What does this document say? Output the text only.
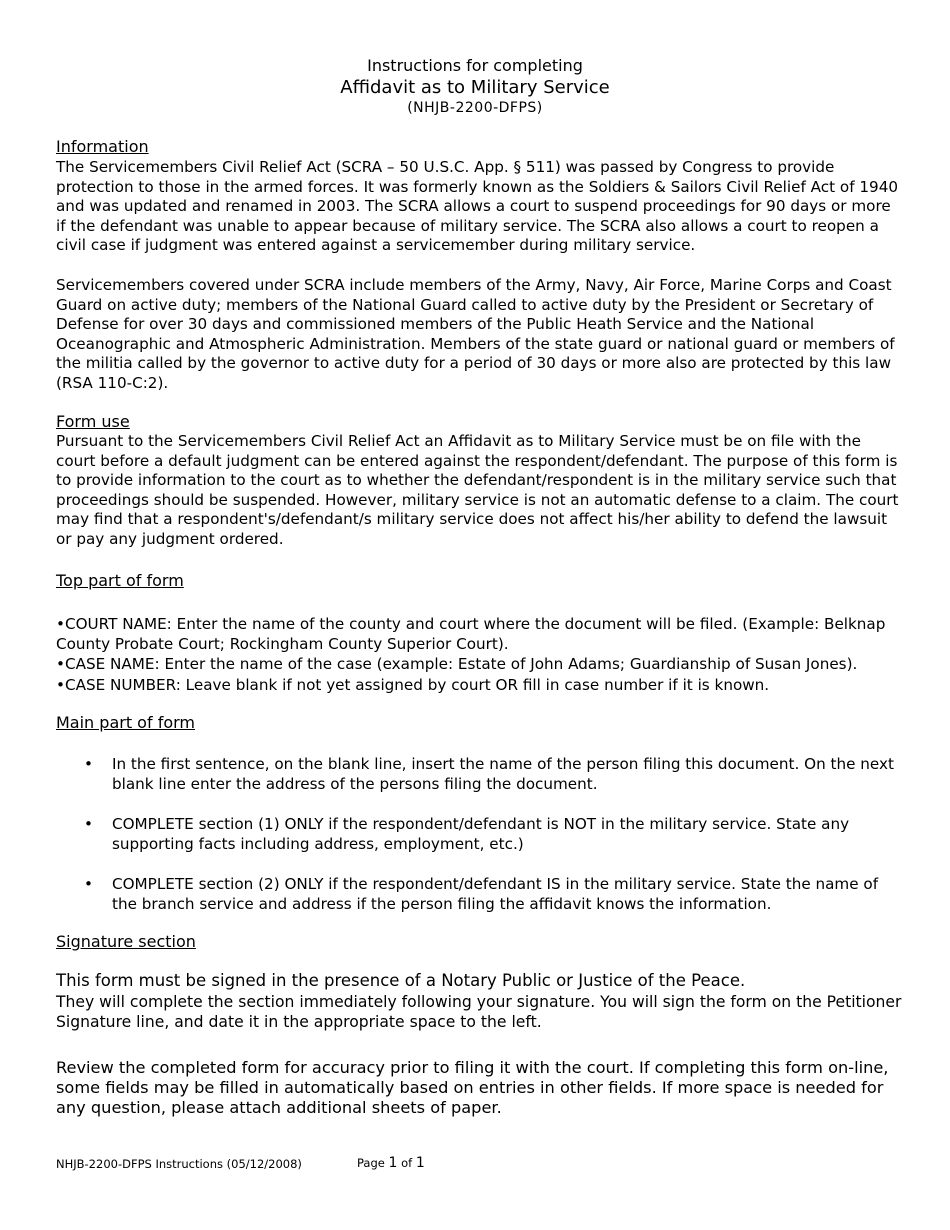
Instructions for completing
Affidavit as to Military Service
(NHJB-2200-DFPS)
Information

The Servicemembers Civil Relief Act (SCRA – 50 U.S.C. App. § 511) was passed by Congress to provide protection to those in the armed forces. It was formerly known as the Soldiers & Sailors Civil Relief Act of 1940 and was updated and renamed in 2003. The SCRA allows a court to suspend proceedings for 90 days or more if the defendant was unable to appear because of military service. The SCRA also allows a court to reopen a civil case if judgment was entered against a servicemember during military service.

Servicemembers covered under SCRA include members of the Army, Navy, Air Force, Marine Corps and Coast Guard on active duty; members of the National Guard called to active duty by the President or Secretary of Defense for over 30 days and commissioned members of the Public Heath Service and the National Oceanographic and Atmospheric Administration. Members of the state guard or national guard or members of the militia called by the governor to active duty for a period of 30 days or more also are protected by this law (RSA 110-C:2).

Form use

Pursuant to the Servicemembers Civil Relief Act an Affidavit as to Military Service must be on file with the court before a default judgment can be entered against the respondent/defendant. The purpose of this form is to provide information to the court as to whether the defendant/respondent is in the military service such that proceedings should be suspended. However, military service is not an automatic defense to a claim. The court may find that a respondent's/defendant/s military service does not affect his/her ability to defend the lawsuit or pay any judgment ordered.

Top part of form

•COURT NAME: Enter the name of the county and court where the document will be filed. (Example: Belknap County Probate Court; Rockingham County Superior Court).

•CASE NAME: Enter the name of the case (example: Estate of John Adams; Guardianship of Susan Jones).

•CASE NUMBER: Leave blank if not yet assigned by court OR fill in case number if it is known.

Main part of form
•	In the first sentence, on the blank line, insert the name of the person filing this document. On the next blank line enter the address of the persons filing the document.
•	COMPLETE section (1) ONLY if the respondent/defendant is NOT in the military service. State any supporting facts including address, employment, etc.)
•	COMPLETE section (2) ONLY if the respondent/defendant IS in the military service. State the name of the branch service and address if the person filing the affidavit knows the information.
Signature section
This form must be signed in the presence of a Notary Public or Justice of the Peace.
They will complete the section immediately following your signature. You will sign the form on the Petitioner Signature line, and date it in the appropriate space to the left.
Review the completed form for accuracy prior to filing it with the court. If completing this form on-line, some fields may be filled in automatically based on entries in other fields. If more space is needed for any question, please attach additional sheets of paper.
NHJB-2200-DFPS Instructions (05/12/2008)	Page 1 of 1
